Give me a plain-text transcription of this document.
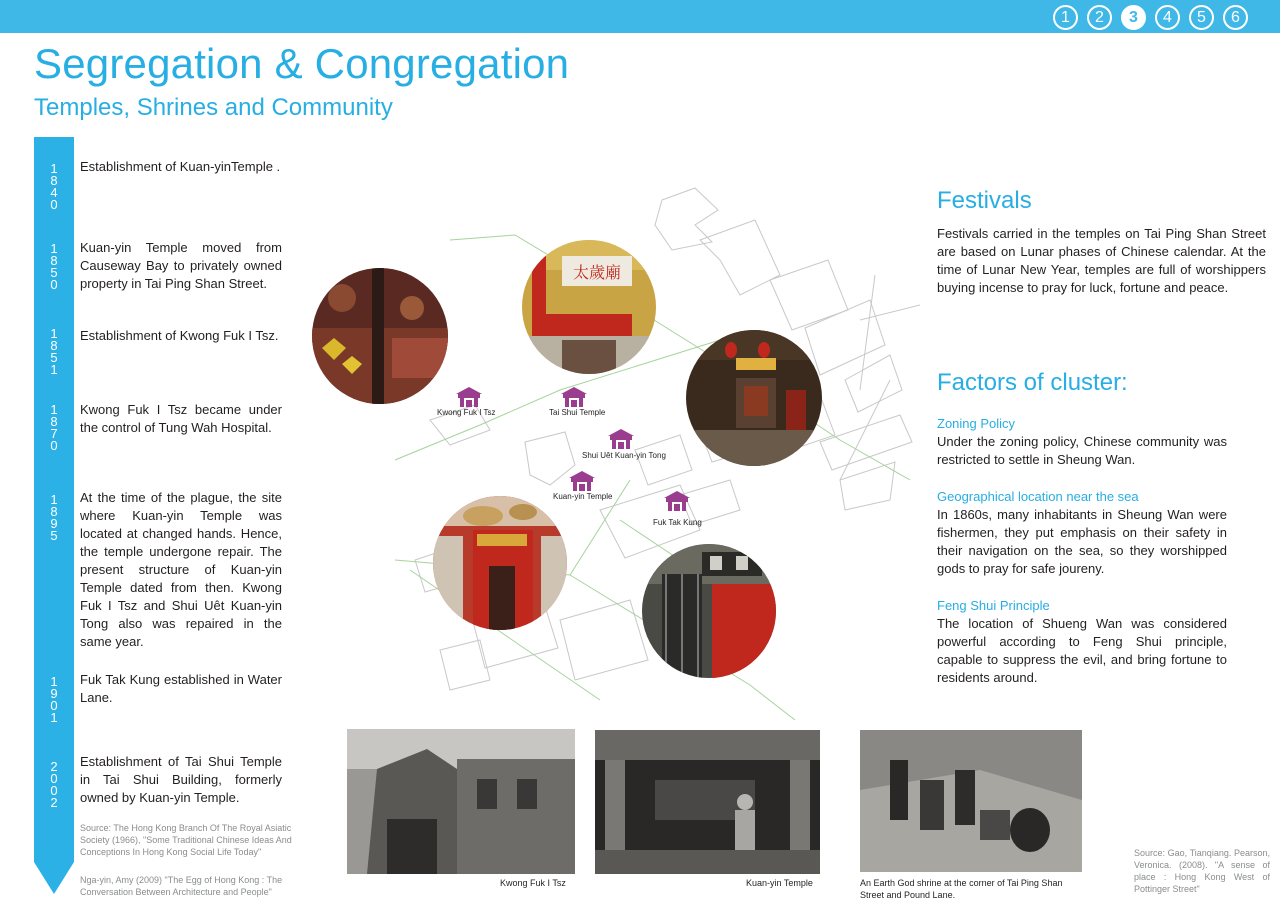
1	2	3	4	5	6
Segregation & Congregation
Temples, Shrines and Community
1
8
4
0
Establishment of Kuan-yinTemple .
1
8
5
0
Kuan-yin Temple moved from Causeway Bay to privately owned property in Tai Ping Shan Street.
1
8
5
1
Establishment of Kwong Fuk I Tsz.
1
8
7
0
Kwong Fuk I Tsz became under the control of Tung Wah Hospital.
1
8
9
5
At the time of the plague, the site where Kuan-yin Temple was located at changed hands. Hence, the temple undergone repair. The present structure of Kuan-yin Temple dated from then. Kwong Fuk I Tsz and Shui Uêt Kuan-yin Tong also was repaired in the same year.
1
9
0
1
Fuk Tak Kung established in Water Lane.
2
0
0
2
Establishment of Tai Shui Temple in Tai Shui Building, formerly owned by Kuan-yin Temple.
Source: The Hong Kong Branch Of The Royal Asiatic Society (1966), "Some Traditional Chinese Ideas And Conceptions In Hong Kong Social Life Today"
Nga-yin, Amy (2009) "The Egg of Hong Kong : The Conversation Between Architecture and People"
太歲廟
Kwong Fuk I Tsz	Tai Shui Temple
Shui Uêt Kuan-yin Tong
Kuan-yin Temple
Fuk Tak Kung
Festivals
Festivals carried in the temples on Tai Ping Shan Street are based on Lunar phases of Chinese calendar. At the time of Lunar New Year, temples are full of worshippers buying incense to pray for luck, fortune and peace.
Factors of cluster:
Zoning Policy
Under the zoning policy, Chinese community was restricted to settle in Sheung Wan.
Geographical location near the sea
In 1860s, many inhabitants in Sheung Wan were fishermen, they put emphasis on their safety in their navigation on the sea, so they worshipped gods to pray for safe joureny.
Feng Shui Principle
The location of Shueng Wan was considered powerful according to Feng Shui principle, capable to suppress the evil, and bring fortune to residents around.
Kwong Fuk I Tsz	Kuan-yin Temple	An Earth God shrine at the corner of Tai Ping Shan Street and Pound Lane.
Source: Gao, Tianqiang. Pearson, Veronica. (2008). "A sense of place : Hong Kong West of Pottinger Street"
